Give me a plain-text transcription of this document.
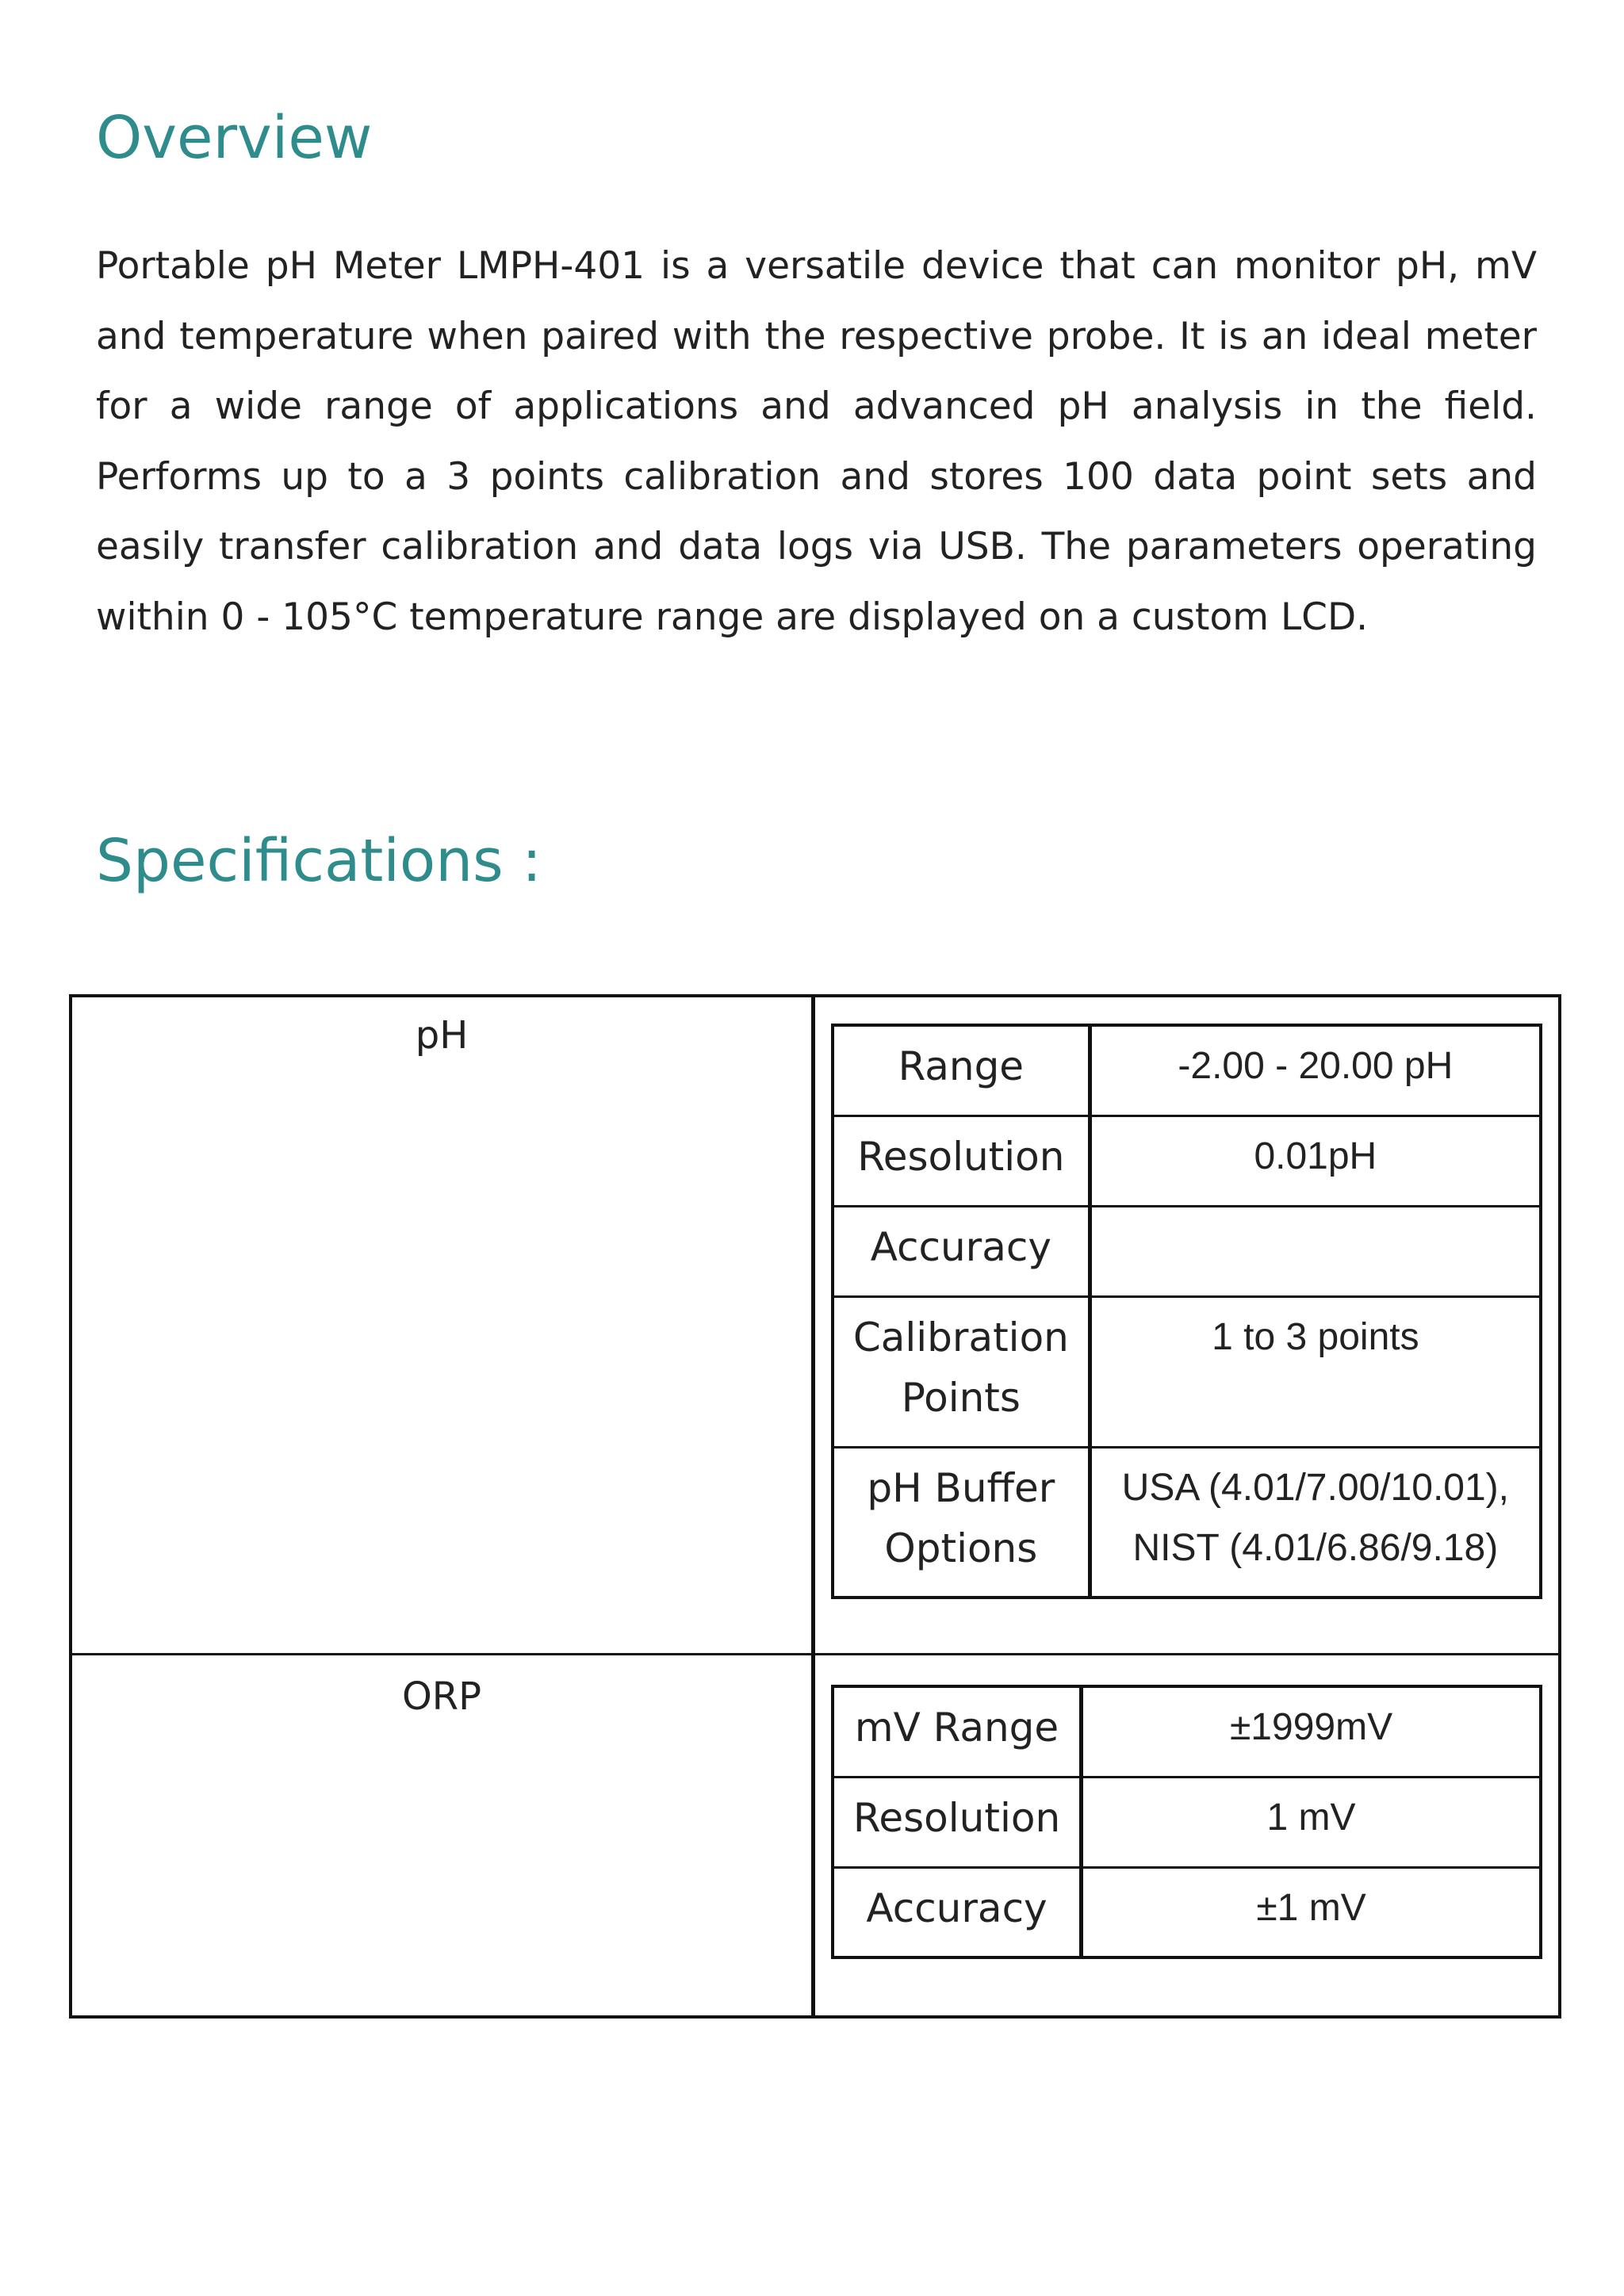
Overview

Portable pH Meter LMPH-401 is a versatile device that can monitor pH, mV and temperature when paired with the respective probe. It is an ideal meter for a wide range of applications and advanced pH analysis in the field. Performs up to a 3 points calibration and stores 100 data point sets and easily transfer calibration and data logs via USB. The parameters operating within 0 - 105°C temperature range are displayed on a custom LCD.

Specifications :
pH
ORP
Range	-2.00 - 20.00 pH
Resolution	0.01pH
Accuracy	
Calibration Points	1 to 3 points
pH Buffer Options	USA (4.01/7.00/10.01), NIST (4.01/6.86/9.18)
mV Range	±1999mV
Resolution	1 mV
Accuracy	±1 mV
